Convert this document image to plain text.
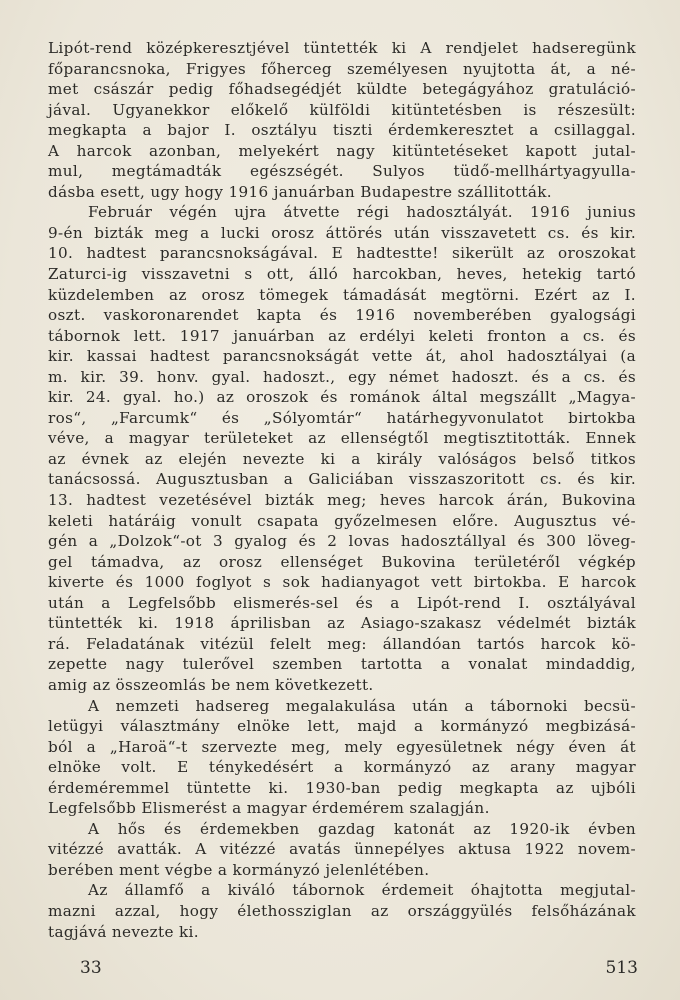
Lipót-rend középkeresztjével tüntették ki A rendjelet hadseregünk
főparancsnoka, Frigyes főherceg személyesen nyujtotta át, a né-
met császár pedig főhadsegédjét küldte betegágyához gratuláció-
jával. Ugyanekkor előkelő külföldi kitüntetésben is részesült:
megkapta a bajor I. osztályu tiszti érdemkeresztet a csillaggal.
A harcok azonban, melyekért nagy kitüntetéseket kapott jutal-
mul, megtámadták egészségét. Sulyos tüdő-mellhártyagyulla-
dásba esett, ugy hogy 1916 januárban Budapestre szállitották.
Február végén ujra átvette régi hadosztályát. 1916 junius
9-én bizták meg a lucki orosz áttörés után visszavetett cs. és kir.
10. hadtest parancsnokságával. E hadtestte! sikerült az oroszokat
Zaturci-ig visszavetni s ott, álló harcokban, heves, hetekig tartó
küzdelemben az orosz tömegek támadását megtörni. Ezért az I.
oszt. vaskoronarendet kapta és 1916 novemberében gyalogsági
tábornok lett. 1917 januárban az erdélyi keleti fronton a cs. és
kir. kassai hadtest parancsnokságát vette át, ahol hadosztályai (a
m. kir. 39. honv. gyal. hadoszt., egy német hadoszt. és a cs. és
kir. 24. gyal. ho.) az oroszok és románok által megszállt „Magya-
ros“, „Farcumk“ és „Sólyomtár“ határhegyvonulatot birtokba
véve, a magyar területeket az ellenségtől megtisztitották. Ennek
az évnek az elején nevezte ki a király valóságos belső titkos
tanácsossá. Augusztusban a Galiciában visszaszoritott cs. és kir.
13. hadtest vezetésével bizták meg; heves harcok árán, Bukovina
keleti határáig vonult csapata győzelmesen előre. Augusztus vé-
gén a „Dolzok“-ot 3 gyalog és 2 lovas hadosztállyal és 300 löveg-
gel támadva, az orosz ellenséget Bukovina területéről végkép
kiverte és 1000 foglyot s sok hadianyagot vett birtokba. E harcok
után a Legfelsőbb elismerés-sel és a Lipót-rend I. osztályával
tüntették ki. 1918 áprilisban az Asiago-szakasz védelmét bizták
rá. Feladatának vitézül felelt meg: állandóan tartós harcok kö-
zepette nagy tulerővel szemben tartotta a vonalat mindaddig,
amig az összeomlás be nem következett.
A nemzeti hadsereg megalakulása után a tábornoki becsü-
letügyi választmány elnöke lett, majd a kormányzó megbizásá-
ból a „Haroä“-t szervezte meg, mely egyesületnek négy éven át
elnöke volt. E ténykedésért a kormányzó az arany magyar
érdeméremmel tüntette ki. 1930-ban pedig megkapta az ujbóli
Legfelsőbb Elismerést a magyar érdemérem szalagján.
A hős és érdemekben gazdag katonát az 1920-ik évben
vitézzé avatták. A vitézzé avatás ünnepélyes aktusa 1922 novem-
berében ment végbe a kormányzó jelenlétében.
Az államfő a kiváló tábornok érdemeit óhajtotta megjutal-
mazni azzal, hogy élethossziglan az országgyülés felsőházának
tagjává nevezte ki.
33	513
